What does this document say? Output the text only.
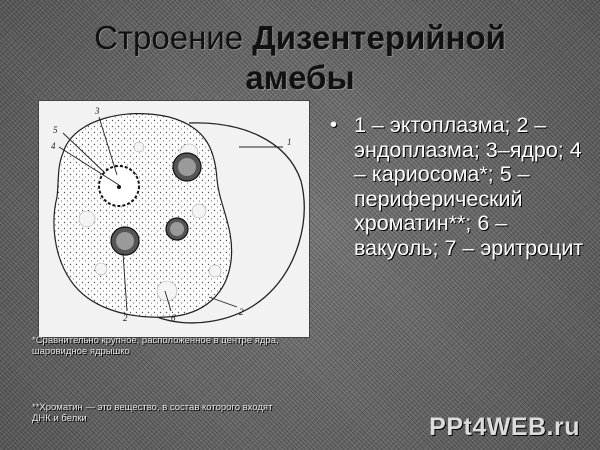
Строение Дизентерийной
амебы
1
3
4
5
2	6
2
• 1 – эктоплазма; 2 – эндоплазма; 3–ядро; 4 – кариосома*; 5 – периферический хроматин**; 6 – вакуоль; 7 – эритроцит
*Сравнительно крупное, расположенное в центре ядра, шаровидное ядрышко
**Хроматин — это вещество, в состав которого входят ДНК и белки	PPt4WEB.ru
